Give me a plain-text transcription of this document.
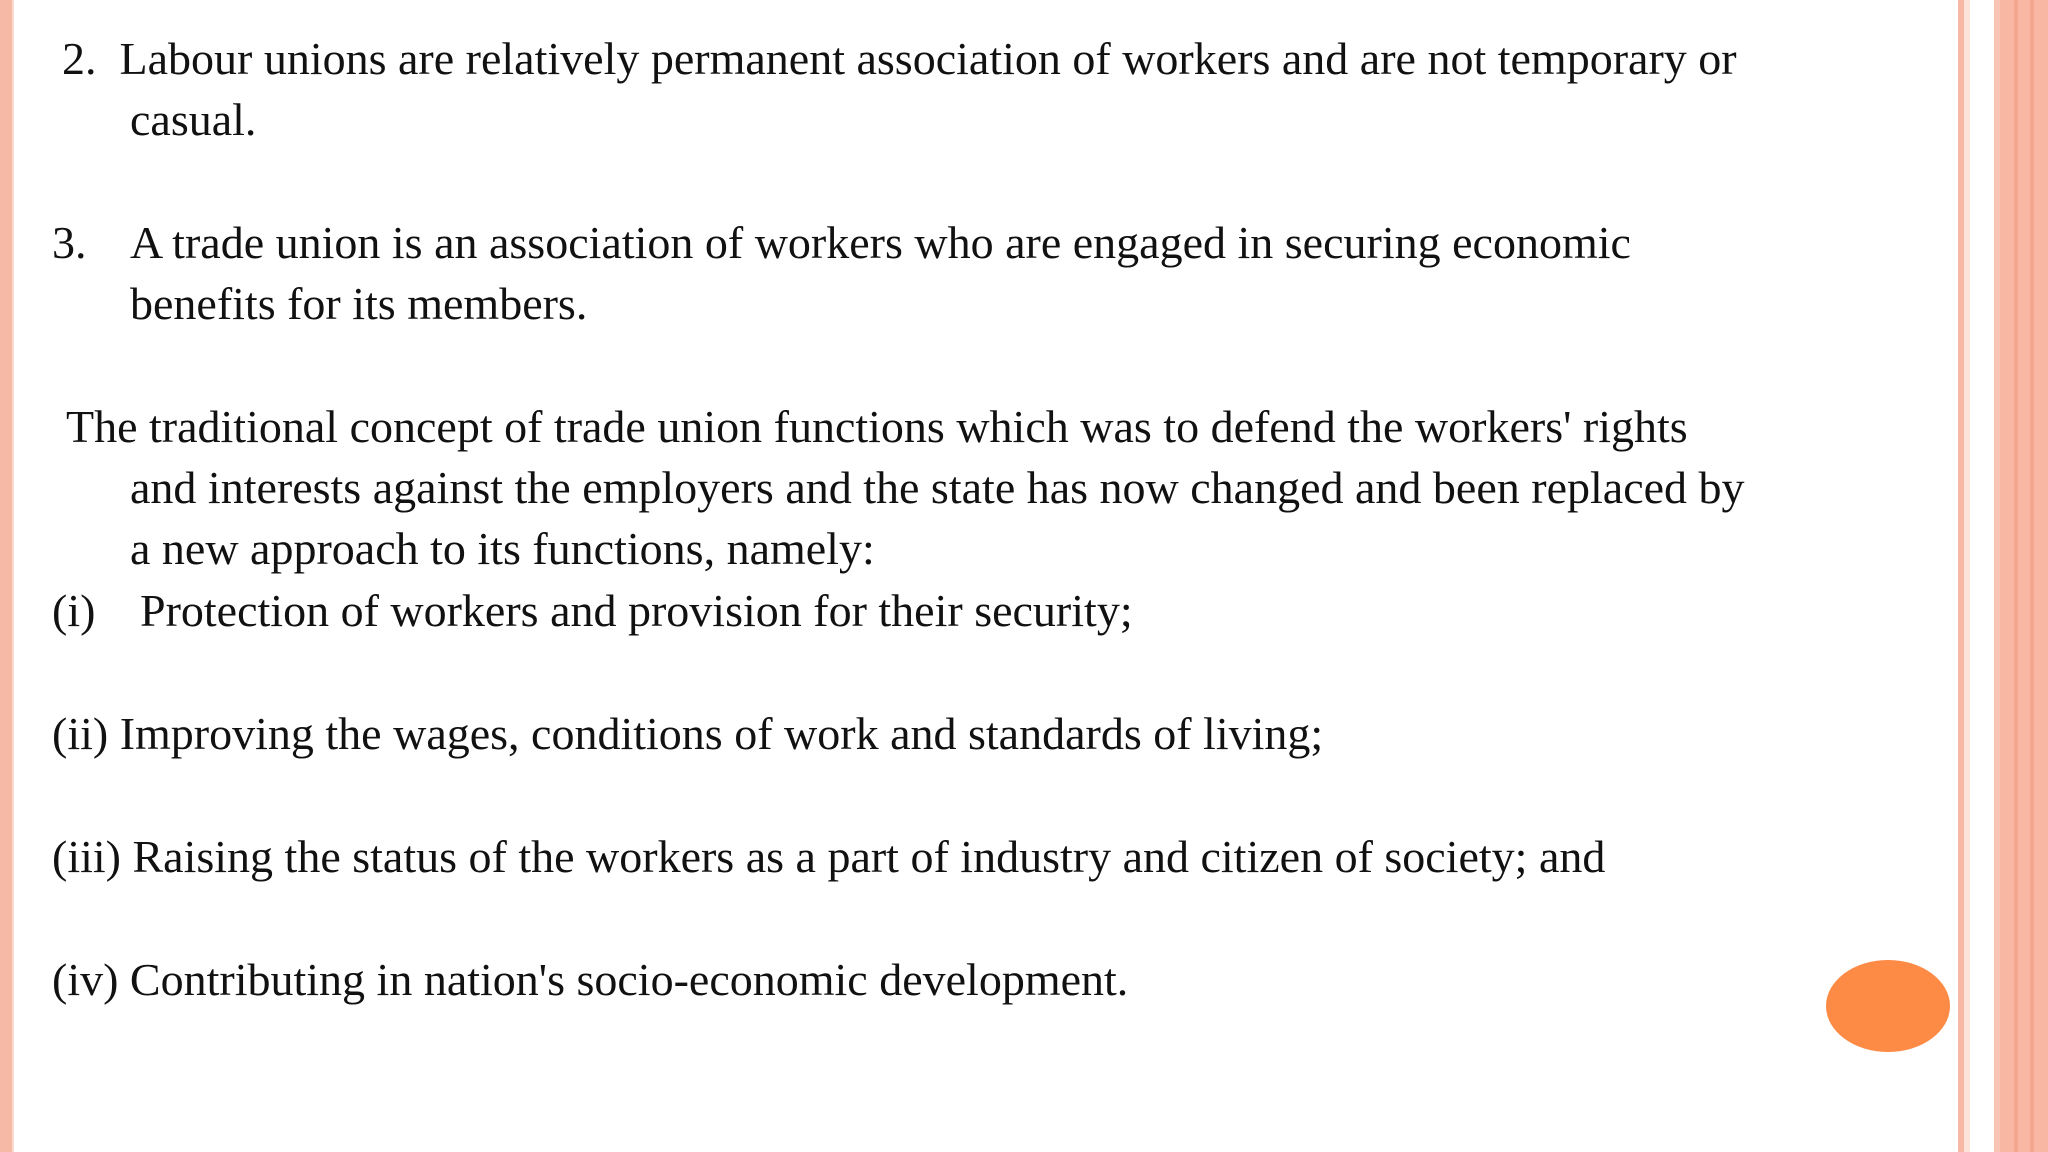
2. Labour unions are relatively permanent association of workers and are not temporary or

casual.

3. A trade union is an association of workers who are engaged in securing economic

benefits for its members.

The traditional concept of trade union functions which was to defend the workers' rights

and interests against the employers and the state has now changed and been replaced by

a new approach to its functions, namely:

(i) Protection of workers and provision for their security;

(ii) Improving the wages, conditions of work and standards of living;

(iii) Raising the status of the workers as a part of industry and citizen of society; and

(iv) Contributing in nation's socio-economic development.
